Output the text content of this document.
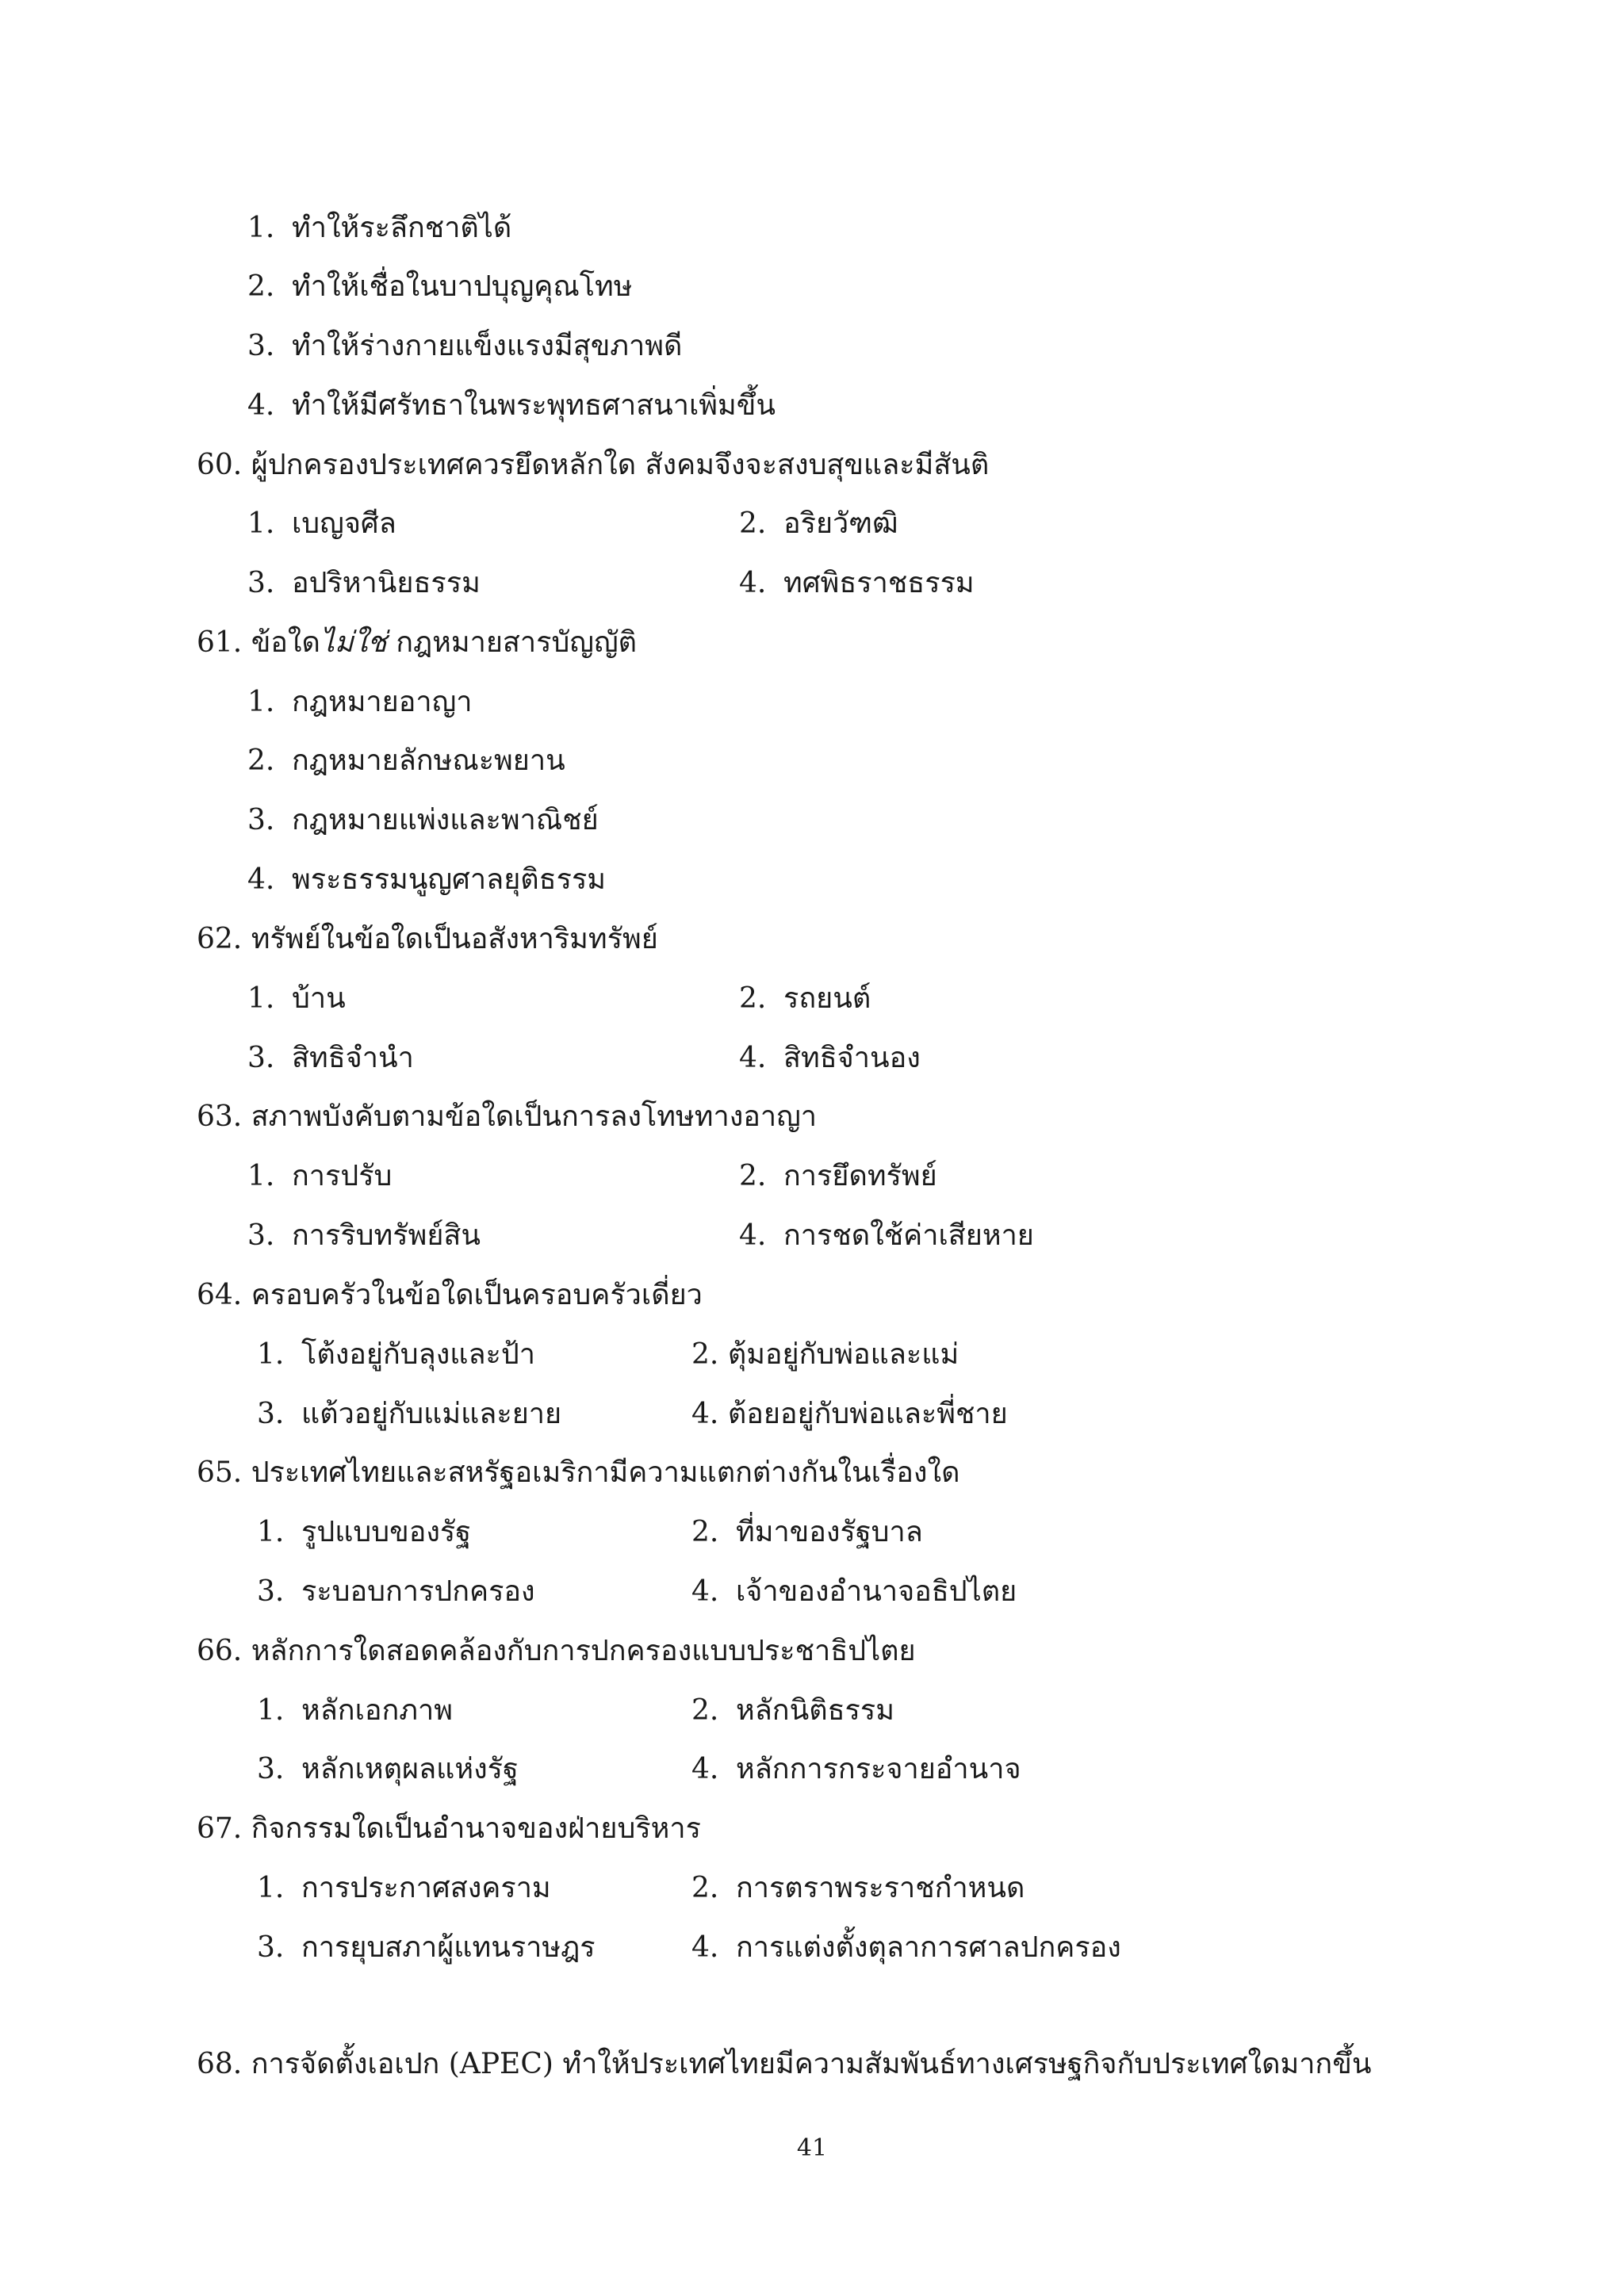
1. ทำให้ระลึกชาติได้
2. ทำให้เชื่อในบาปบุญคุณโทษ
3. ทำให้ร่างกายแข็งแรงมีสุขภาพดี
4. ทำให้มีศรัทธาในพระพุทธศาสนาเพิ่มขึ้น
60. ผู้ปกครองประเทศควรยึดหลักใด สังคมจึงจะสงบสุขและมีสันติ
1. เบญจศีล	2. อริยวัฑฒิ
3. อปริหานิยธรรม	4. ทศพิธราชธรรม
61. ข้อใดไม่ใช่ กฎหมายสารบัญญัติ
1. กฎหมายอาญา
2. กฎหมายลักษณะพยาน
3. กฎหมายแพ่งและพาณิชย์
4. พระธรรมนูญศาลยุติธรรม
62. ทรัพย์ในข้อใดเป็นอสังหาริมทรัพย์
1. บ้าน	2. รถยนต์
3. สิทธิจำนำ	4. สิทธิจำนอง
63. สภาพบังคับตามข้อใดเป็นการลงโทษทางอาญา
1. การปรับ	2. การยึดทรัพย์
3. การริบทรัพย์สิน	4. การชดใช้ค่าเสียหาย
64. ครอบครัวในข้อใดเป็นครอบครัวเดี่ยว
1. โต้งอยู่กับลุงและป้า	2. ตุ้มอยู่กับพ่อและแม่
3. แต้วอยู่กับแม่และยาย	4. ต้อยอยู่กับพ่อและพี่ชาย
65. ประเทศไทยและสหรัฐอเมริกามีความแตกต่างกันในเรื่องใด
1. รูปแบบของรัฐ	2. ที่มาของรัฐบาล
3. ระบอบการปกครอง	4. เจ้าของอำนาจอธิปไตย
66. หลักการใดสอดคล้องกับการปกครองแบบประชาธิปไตย
1. หลักเอกภาพ	2. หลักนิติธรรม
3. หลักเหตุผลแห่งรัฐ	4. หลักการกระจายอำนาจ
67. กิจกรรมใดเป็นอำนาจของฝ่ายบริหาร
1. การประกาศสงคราม	2. การตราพระราชกำหนด
3. การยุบสภาผู้แทนราษฎร	4. การแต่งตั้งตุลาการศาลปกครอง
68. การจัดตั้งเอเปก (APEC) ทำให้ประเทศไทยมีความสัมพันธ์ทางเศรษฐกิจกับประเทศใดมากขึ้น
41
